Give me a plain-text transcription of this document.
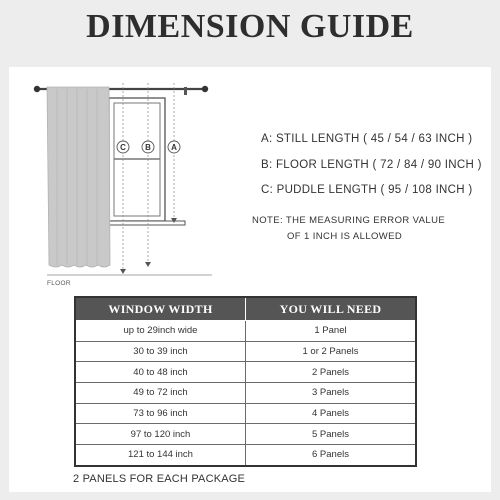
DIMENSION GUIDE
C B	A
FLOOR
A: STILL LENGTH ( 45 / 54 / 63 INCH )
B: FLOOR LENGTH ( 72 / 84 / 90 INCH )
C: PUDDLE LENGTH ( 95 / 108 INCH )
NOTE: THE MEASURING ERROR VALUE
OF 1 INCH IS ALLOWED
WINDOW WIDTH	YOU WILL NEED
up to 29inch wide	1 Panel
30 to 39 inch	1 or 2 Panels
40 to 48 inch	2 Panels
49 to 72 inch	3 Panels
73 to 96 inch	4 Panels
97 to 120 inch	5 Panels
121 to 144 inch	6 Panels
2 PANELS FOR EACH PACKAGE
